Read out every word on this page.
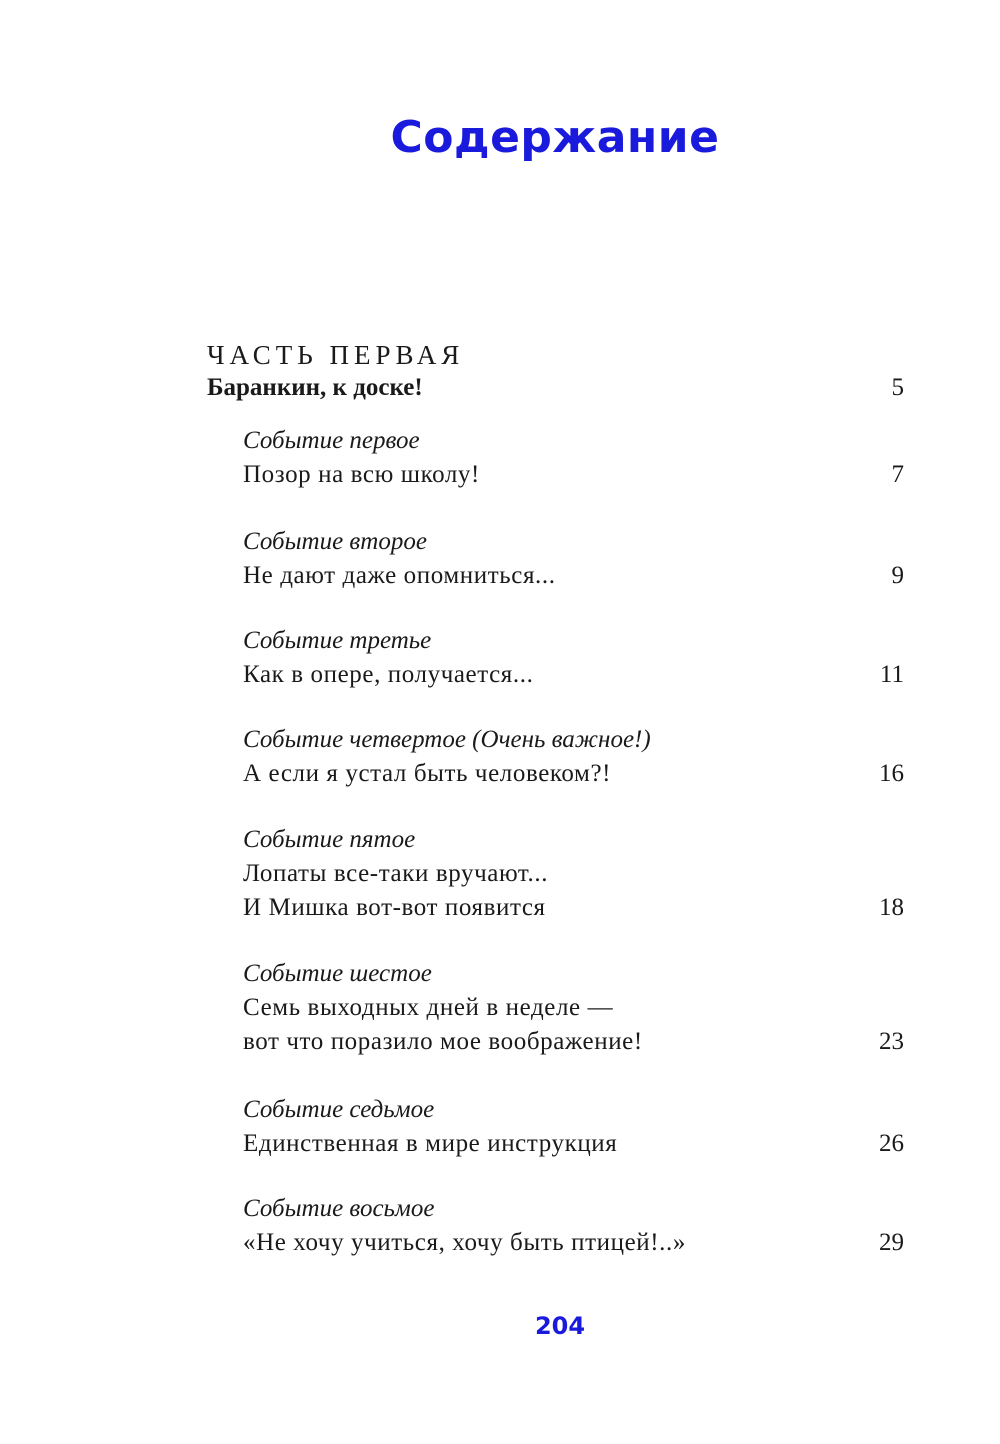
Содержание
ЧАСТЬ ПЕРВАЯ
Баранкин, к доске!	5
Событие первое
Позор на всю школу!	7
Событие второе
Не дают даже опомниться...	9
Событие третье
Как в опере, получается...	11
Событие четвертое (Очень важное!)
А если я устал быть человеком?!	16
Событие пятое
Лопаты все-таки вручают...
И Мишка вот-вот появится	18
Событие шестое
Семь выходных дней в неделе —
вот что поразило мое воображение!	23
Событие седьмое
Единственная в мире инструкция	26
Событие восьмое
«Не хочу учиться, хочу быть птицей!..»	29
204
